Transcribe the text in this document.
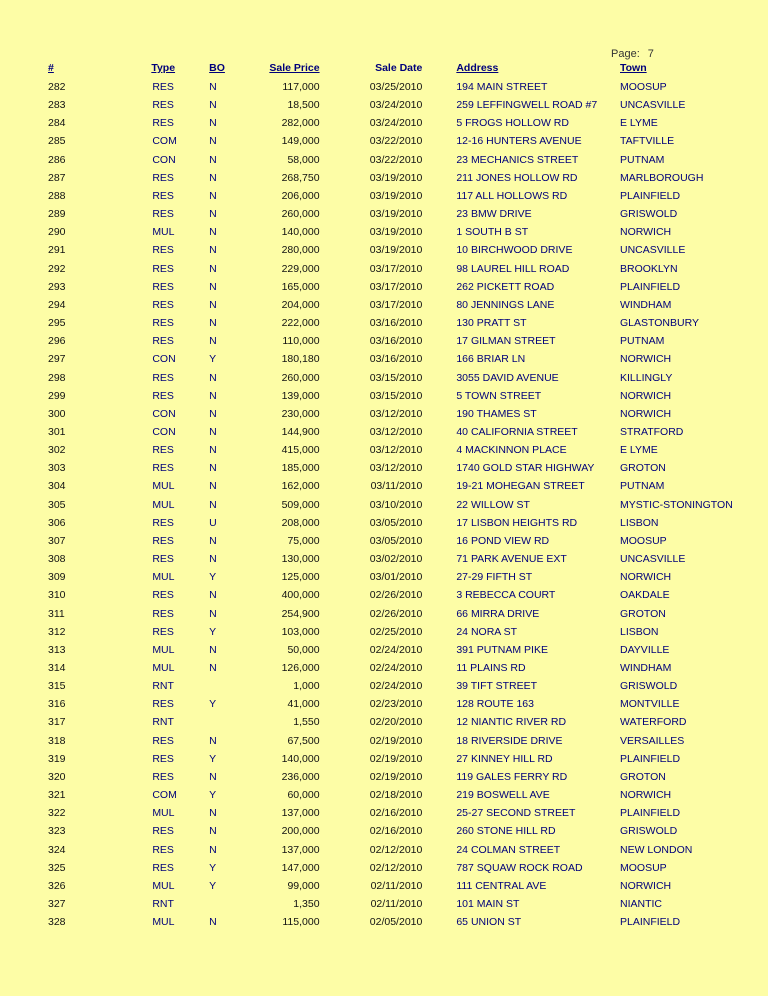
Page: 7
#	Type	BO	Sale Price	Sale Date	Address	Town
282	RES	N	117,000	03/25/2010	194 MAIN STREET	MOOSUP
283	RES	N	18,500	03/24/2010	259 LEFFINGWELL ROAD #7	UNCASVILLE
284	RES	N	282,000	03/24/2010	5 FROGS HOLLOW RD	E LYME
285	COM	N	149,000	03/22/2010	12-16 HUNTERS AVENUE	TAFTVILLE
286	CON	N	58,000	03/22/2010	23 MECHANICS STREET	PUTNAM
287	RES	N	268,750	03/19/2010	211 JONES HOLLOW RD	MARLBOROUGH
288	RES	N	206,000	03/19/2010	117 ALL HOLLOWS RD	PLAINFIELD
289	RES	N	260,000	03/19/2010	23 BMW DRIVE	GRISWOLD
290	MUL	N	140,000	03/19/2010	1 SOUTH B ST	NORWICH
291	RES	N	280,000	03/19/2010	10 BIRCHWOOD DRIVE	UNCASVILLE
292	RES	N	229,000	03/17/2010	98 LAUREL HILL ROAD	BROOKLYN
293	RES	N	165,000	03/17/2010	262 PICKETT ROAD	PLAINFIELD
294	RES	N	204,000	03/17/2010	80 JENNINGS LANE	WINDHAM
295	RES	N	222,000	03/16/2010	130 PRATT ST	GLASTONBURY
296	RES	N	110,000	03/16/2010	17 GILMAN STREET	PUTNAM
297	CON	Y	180,180	03/16/2010	166 BRIAR LN	NORWICH
298	RES	N	260,000	03/15/2010	3055 DAVID AVENUE	KILLINGLY
299	RES	N	139,000	03/15/2010	5 TOWN STREET	NORWICH
300	CON	N	230,000	03/12/2010	190 THAMES ST	NORWICH
301	CON	N	144,900	03/12/2010	40 CALIFORNIA STREET	STRATFORD
302	RES	N	415,000	03/12/2010	4 MACKINNON PLACE	E LYME
303	RES	N	185,000	03/12/2010	1740 GOLD STAR HIGHWAY	GROTON
304	MUL	N	162,000	03/11/2010	19-21 MOHEGAN STREET	PUTNAM
305	MUL	N	509,000	03/10/2010	22 WILLOW ST	MYSTIC-STONINGTON
306	RES	U	208,000	03/05/2010	17 LISBON HEIGHTS RD	LISBON
307	RES	N	75,000	03/05/2010	16 POND VIEW RD	MOOSUP
308	RES	N	130,000	03/02/2010	71 PARK AVENUE EXT	UNCASVILLE
309	MUL	Y	125,000	03/01/2010	27-29 FIFTH ST	NORWICH
310	RES	N	400,000	02/26/2010	3 REBECCA COURT	OAKDALE
311	RES	N	254,900	02/26/2010	66 MIRRA DRIVE	GROTON
312	RES	Y	103,000	02/25/2010	24 NORA ST	LISBON
313	MUL	N	50,000	02/24/2010	391 PUTNAM PIKE	DAYVILLE
314	MUL	N	126,000	02/24/2010	11 PLAINS RD	WINDHAM
315	RNT		1,000	02/24/2010	39 TIFT STREET	GRISWOLD
316	RES	Y	41,000	02/23/2010	128 ROUTE 163	MONTVILLE
317	RNT		1,550	02/20/2010	12 NIANTIC RIVER RD	WATERFORD
318	RES	N	67,500	02/19/2010	18 RIVERSIDE DRIVE	VERSAILLES
319	RES	Y	140,000	02/19/2010	27 KINNEY HILL RD	PLAINFIELD
320	RES	N	236,000	02/19/2010	119 GALES FERRY RD	GROTON
321	COM	Y	60,000	02/18/2010	219 BOSWELL AVE	NORWICH
322	MUL	N	137,000	02/16/2010	25-27 SECOND STREET	PLAINFIELD
323	RES	N	200,000	02/16/2010	260 STONE HILL RD	GRISWOLD
324	RES	N	137,000	02/12/2010	24 COLMAN STREET	NEW LONDON
325	RES	Y	147,000	02/12/2010	787 SQUAW ROCK ROAD	MOOSUP
326	MUL	Y	99,000	02/11/2010	111 CENTRAL AVE	NORWICH
327	RNT		1,350	02/11/2010	101 MAIN ST	NIANTIC
328	MUL	N	115,000	02/05/2010	65 UNION ST	PLAINFIELD
